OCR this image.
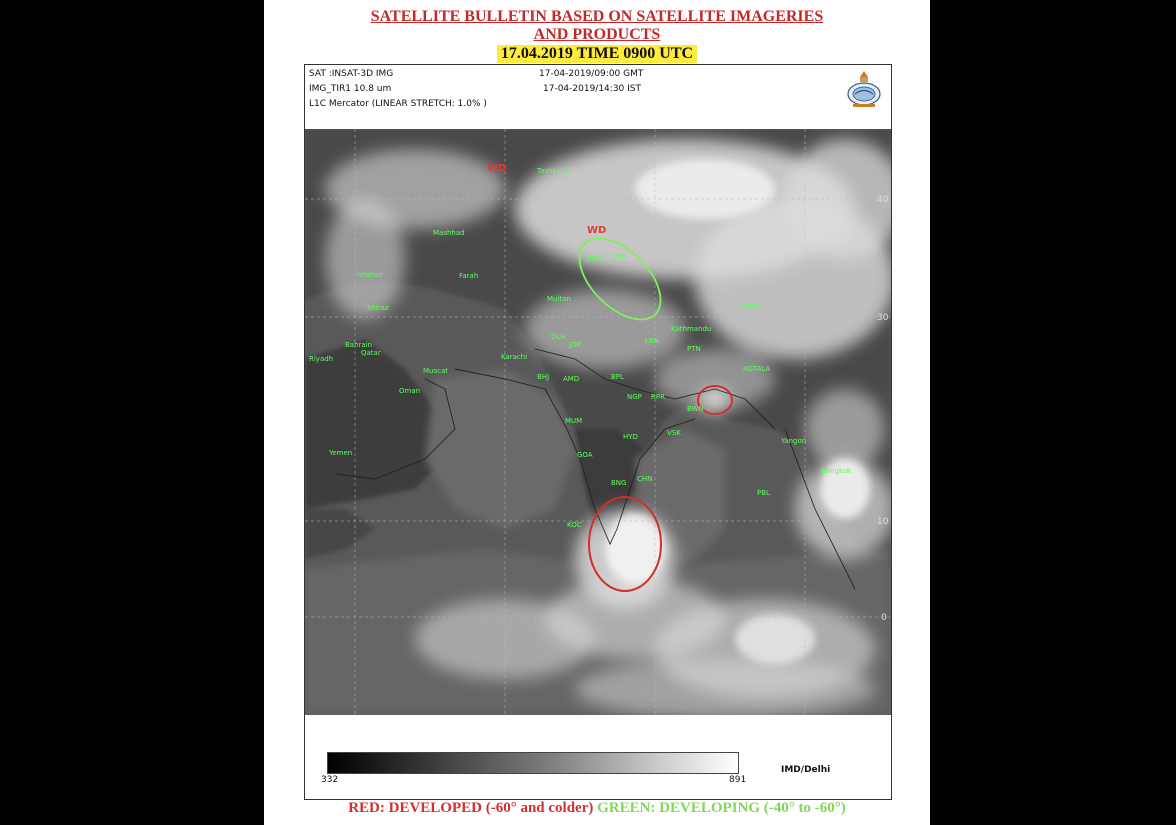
SATELLITE BULLETIN BASED ON SATELLITE IMAGERIES
AND PRODUCTS
17.04.2019 TIME 0900 UTC
SAT :INSAT-3D IMG
IMG_TIR1 10.8 um
L1C Mercator (LINEAR STRETCH: 1.0% )
17-04-2019/09:00 GMT
17-04-2019/14:30 IST
WD
WD
40
30
10
0
Tashkent
Mashhad
Isfahan	Farah
Shiraz
Bahrain
Qatar
Riyadh
Muscat
Karachi
Oman
Yemen
Multan
Kathmandu
Lhasa
AGTALA
Yangon
Bangkok
SRN JMU
BHJ AMD	BPL
NGP RPR
MUM
HYD
GOA
BNG CHN
KOC
BWN
VSK
PBL
JDP
DLH	LKN
PTN
332	891
IMD/Delhi
RED: DEVELOPED (-60° and colder) GREEN: DEVELOPING (-40° to -60°)
